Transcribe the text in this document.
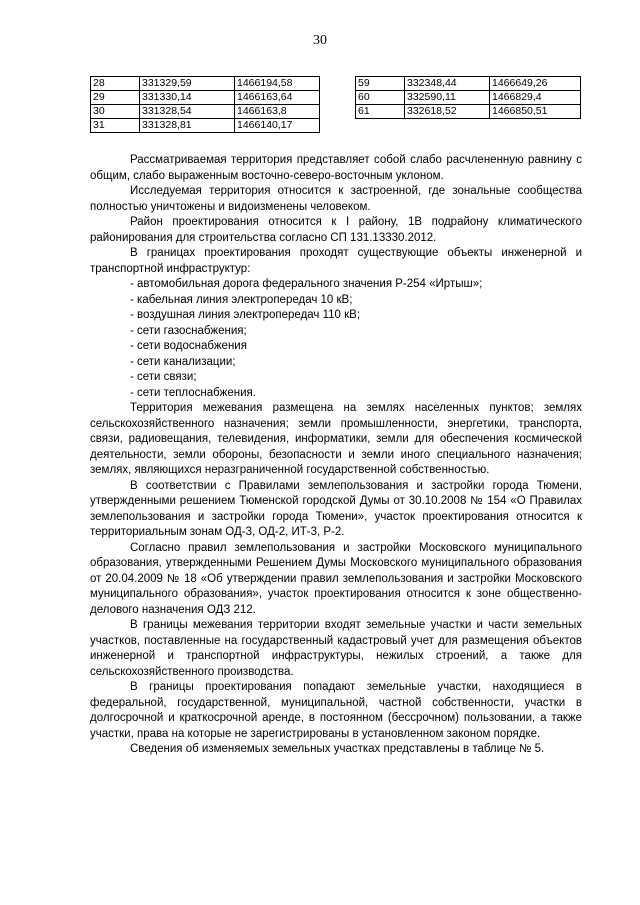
30
28	331329,59	1466194,58
29	331330,14	1466163,64
30	331328,54	1466163,8
31	331328,81	1466140,17
59	332348,44	1466649,26
60	332590,11	1466829,4
61	332618,52	1466850,51

Рассматриваемая территория представляет собой слабо расчлененную равнину с общим, слабо выраженным восточно-северо-восточным уклоном.

Исследуемая территория относится к застроенной, где зональные сообщества полностью уничтожены и видоизменены человеком.

Район проектирования относится к I району, 1В подрайону климатического районирования для строительства согласно СП 131.13330.2012.

В границах проектирования проходят существующие объекты инженерной и транспортной инфраструктур:

- автомобильная дорога федерального значения Р-254 «Иртыш»;

- кабельная линия электропередач 10 кВ;

- воздушная линия электропередач 110 кВ;

- сети газоснабжения;

- сети водоснабжения

- сети канализации;

- сети связи;

- сети теплоснабжения.

Территория межевания размещена на землях населенных пунктов; землях сельскохозяйственного назначения; земли промышленности, энергетики, транспорта, связи, радиовещания, телевидения, информатики, земли для обеспечения космической деятельности, земли обороны, безопасности и земли иного специального назначения; землях, являющихся неразграниченной государственной собственностью.

В соответствии с Правилами землепользования и застройки города Тюмени, утвержденными решением Тюменской городской Думы от 30.10.2008 № 154 «О Правилах землепользования и застройки города Тюмени», участок проектирования относится к территориальным зонам ОД-3, ОД-2, ИТ-3, Р-2.

Согласно правил землепользования и застройки Московского муниципального образования, утвержденными Решением Думы Московского муниципального образования от 20.04.2009 № 18 «Об утверждении правил землепользования и застройки Московского муниципального образования», участок проектирования относится к зоне общественно-делового назначения ОДЗ 212.

В границы межевания территории входят земельные участки и части земельных участков, поставленные на государственный кадастровый учет для размещения объектов инженерной и транспортной инфраструктуры, нежилых строений, а также для сельскохозяйственного производства.

В границы проектирования попадают земельные участки, находящиеся в федеральной, государственной, муниципальной, частной собственности, участки в долгосрочной и краткосрочной аренде, в постоянном (бессрочном) пользовании, а также участки, права на которые не зарегистрированы в установленном законом порядке.

Сведения об изменяемых земельных участках представлены в таблице № 5.
